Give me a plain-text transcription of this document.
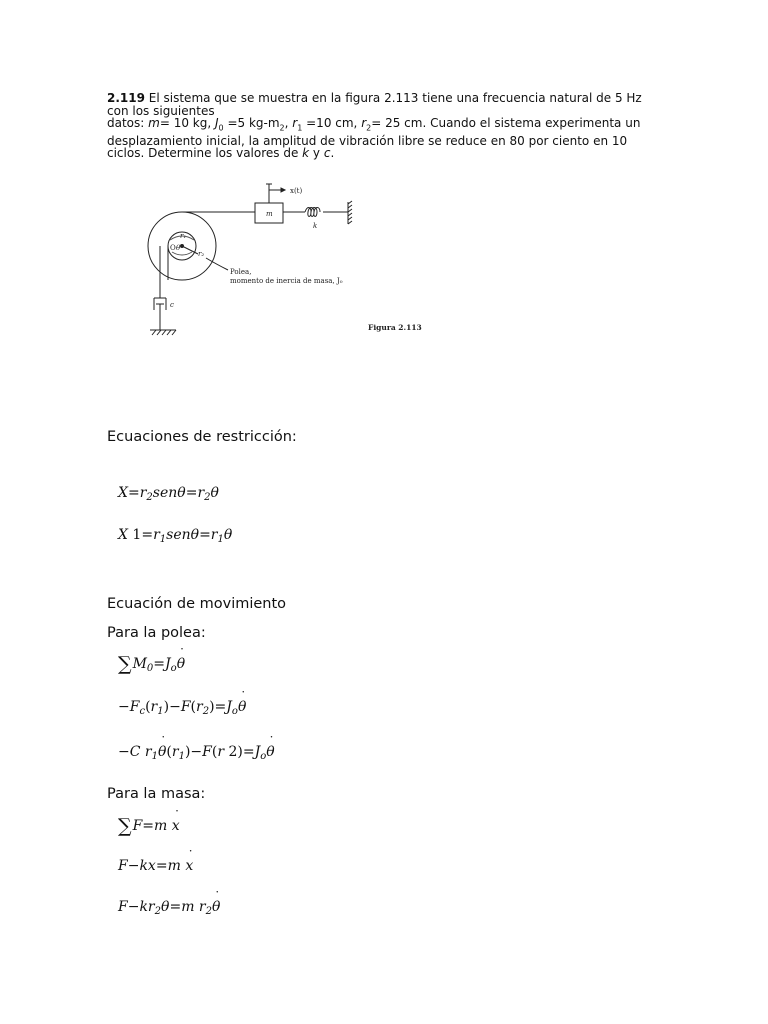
2.119 El sistema que se muestra en la figura 2.113 tiene una frecuencia natural de 5 Hz con los siguientes
datos: m= 10 kg, $J_0 =5$ $kg-m_2$, $r_1 =10$ cm, $r_2= 25$ cm. Cuando el sistema experimenta un desplazamiento inicial, la amplitud de vibración libre se reduce en 80 por ciento en 10 ciclos. Determine los valores de k y c.
x(t)
m
k
c
r₁
r₂
O θ
Polea,
momento de inercia de masa, J₀
Figura 2.113
Ecuaciones de restricción:
Ecuación de movimiento
Para la polea:
Para la masa:
$X=r_2sen\theta=r_2\theta$
X $1=r_1sen\theta=r_1\theta$
$\sum M_0=J_o˙$ θ
$-F_c(r_1)-F(r_2)=J_o˙$ θ
−C $r_1˙$ $\theta(r_1)-F(r$ $2)=J_o˙$ θ
∑F=m ˙ x
F−kx=m ˙ x
$F-kr_2\theta=m$ $r_2˙$ θ
